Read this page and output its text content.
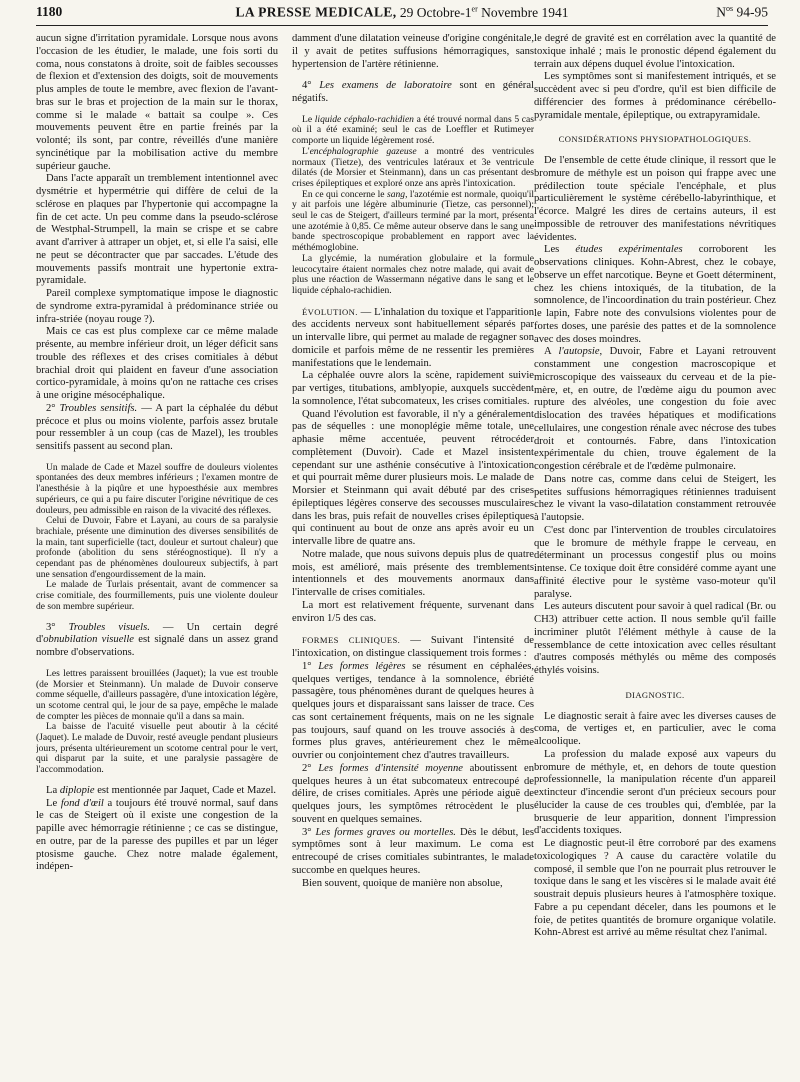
1180	LA PRESSE MEDICALE, 29 Octobre-1er Novembre 1941	$N^{os}$ 94-95

aucun signe d'irritation pyramidale. Lorsque nous avons l'occasion de les étudier, le malade, une fois sorti du coma, nous constatons à droite, soit de faibles secousses de flexion et d'extension des doigts, soit de mouvements plus amples de toute le membre, avec flexion de l'avant-bras sur le bras et projection de la main sur le thorax, comme si le malade « battait sa coulpe ». Ces mouvements peuvent être en partie freinés par la volonté; ils sont, par contre, réveillés d'une manière syncinétique par la mobilisation active du membre supérieur gauche.

Dans l'acte apparaît un tremblement intentionnel avec dysmétrie et hypermétrie qui diffère de celui de la sclérose en plaques par l'hypertonie qui accompagne la fin de cet acte. Un peu comme dans la pseudo-sclérose de Westphal-Strumpell, la main se crispe et se cabre avant d'arriver à attraper un objet, et, si elle l'a saisi, elle ne peut se décontracter que par saccades. L'étude des mouvements passifs montrait une hypertonie extra-pyramidale.

Pareil complexe symptomatique impose le diagnostic de syndrome extra-pyramidal à prédominance striée ou infra-striée (noyau rouge ?).

Mais ce cas est plus complexe car ce même malade présente, au membre inférieur droit, un léger déficit sans trouble des réflexes et des crises comitiales à début brachial droit qui plaident en faveur d'une association cortico-pyramidale, à moins qu'on ne rattache ces crises à une origine mésocéphalique.

2° Troubles sensitifs. — A part la céphalée du début précoce et plus ou moins violente, parfois assez brutale pour ressembler à un coup (cas de Mazel), les troubles sensitifs passent au second plan.

Un malade de Cade et Mazel souffre de douleurs violentes spontanées des deux membres inférieurs ; l'examen montre de l'anesthésie à la piqûre et une hypoesthésie aux membres supérieurs, ce qui a pu faire discuter l'origine névritique de ces douleurs, peu admissible en raison de la vivacité des réflexes.

Celui de Duvoir, Fabre et Layani, au cours de sa paralysie brachiale, présente une diminution des diverses sensibilités de la main, tant superficielle (tact, douleur et surtout chaleur) que profonde (abolition du sens stéréognostique). Il n'y a cependant pas de phénomènes douloureux subjectifs, à part une sensation d'engourdissement de la main.

Le malade de Turlais présentait, avant de commencer sa crise comitiale, des fourmillements, puis une violente douleur de son membre supérieur.

3° Troubles visuels. — Un certain degré d'obnubilation visuelle est signalé dans un assez grand nombre d'observations.

Les lettres paraissent brouillées (Jaquet); la vue est trouble (de Morsier et Steinmann). Un malade de Duvoir conserve comme séquelle, d'ailleurs passagère, d'une intoxication légère, un scotome central qui, le jour de sa paye, empêche le malade de compter les pièces de monnaie qu'il a dans sa main.

La baisse de l'acuité visuelle peut aboutir à la cécité (Jaquet). Le malade de Duvoir, resté aveugle pendant plusieurs jours, présenta ultérieurement un scotome central pour le vert, qui disparut par la suite, et une paralysie passagère de l'accommodation.

La diplopie est mentionnée par Jaquet, Cade et Mazel.

Le fond d'œil a toujours été trouvé normal, sauf dans le cas de Steigert où il existe une congestion de la papille avec hémorragie rétinienne ; ce cas se distingue, en outre, par de la paresse des pupilles et par un léger ptosisme gauche. Chez notre malade également, indépen-

damment d'une dilatation veineuse d'origine congénitale, il y avait de petites suffusions hémorragiques, sans hypertension de l'artère rétinienne.

4° Les examens de laboratoire sont en général négatifs.

Le liquide céphalo-rachidien a été trouvé normal dans 5 cas où il a été examiné; seul le cas de Loeffler et Rutimeyer comporte un liquide légèrement rosé.

L'encéphalographie gazeuse a montré des ventricules normaux (Tietze), des ventricules latéraux et 3e ventricule dilatés (de Morsier et Steinmann), dans un cas présentant des crises épileptiques et exploré onze ans après l'intoxication.

En ce qui concerne le sang, l'azotémie est normale, quoiqu'il y ait parfois une légère albuminurie (Tietze, cas personnel); seul le cas de Steigert, d'ailleurs terminé par la mort, présenta une azotémie à 0,85. Ce même auteur observe dans le sang une bande spectroscopique probablement en rapport avec la méthémoglobine.

La glycémie, la numération globulaire et la formule leucocytaire étaient normales chez notre malade, qui avait de plus une réaction de Wassermann négative dans le sang et le liquide céphalo-rachidien.

ÉVOLUTION. — L'inhalation du toxique et l'apparition des accidents nerveux sont habituellement séparés par un intervalle libre, qui permet au malade de regagner son domicile et parfois même de ne ressentir les premières manifestations que le lendemain.

La céphalée ouvre alors la scène, rapidement suivie par vertiges, titubations, amblyopie, auxquels succèdent la somnolence, l'état subcomateux, les crises comitiales.

Quand l'évolution est favorable, il n'y a généralement pas de séquelles : une monoplégie même totale, une aphasie même accentuée, peuvent rétrocéder complètement (Duvoir). Cade et Mazel insistent cependant sur une asthénie consécutive à l'intoxication et qui pourrait même durer plusieurs mois. Le malade de Morsier et Steinmann qui avait débuté par des crises épileptiques légères conserve des secousses musculaires dans les bras, puis refait de nouvelles crises épileptiques qui continuent au bout de onze ans après avoir eu un intervalle libre de quatre ans.

Notre malade, que nous suivons depuis plus de quatre mois, est amélioré, mais présente des tremblements intentionnels et des mouvements anormaux dans l'intervalle de crises comitiales.

La mort est relativement fréquente, survenant dans environ 1/5 des cas.

FORMES CLINIQUES. — Suivant l'intensité de l'intoxication, on distingue classiquement trois formes :

1° Les formes légères se résument en céphalées, quelques vertiges, tendance à la somnolence, ébriété passagère, tous phénomènes durant de quelques heures à quelques jours et disparaissant sans laisser de trace. Ces cas sont certainement fréquents, mais on ne les signale pas toujours, sauf quand on les trouve associés à des formes plus graves, antérieurement chez le même ouvrier ou conjointement chez d'autres travailleurs.

2° Les formes d'intensité moyenne aboutissent en quelques heures à un état subcomateux entrecoupé de délire, de crises comitiales. Après une période aiguë de quelques jours, les symptômes rétrocèdent le plus souvent en quelques semaines.

3° Les formes graves ou mortelles. Dès le début, les symptômes sont à leur maximum. Le coma est entrecoupé de crises comitiales subintrantes, le malade succombe en quelques heures.

Bien souvent, quoique de manière non absolue,

le degré de gravité est en corrélation avec la quantité de toxique inhalé ; mais le pronostic dépend également du terrain aux dépens duquel évolue l'intoxication.

Les symptômes sont si manifestement intriqués, et se succèdent avec si peu d'ordre, qu'il est bien difficile de différencier des formes à prédominance cérébello-pyramidale mentale, épileptique, ou extrapyramidale.

CONSIDÉRATIONS PHYSIOPATHOLOGIQUES.

De l'ensemble de cette étude clinique, il ressort que le bromure de méthyle est un poison qui frappe avec une prédilection toute spéciale l'encéphale, et plus particulièrement le système cérébello-labyrinthique, et l'écorce. Malgré les dires de certains auteurs, il est impossible de retrouver des manifestations névritiques évidentes.

Les études expérimentales corroborent les observations cliniques. Kohn-Abrest, chez le cobaye, observe un effet narcotique. Beyne et Goett déterminent, chez les chiens intoxiqués, de la titubation, de la somnolence, de l'incoordination du train postérieur. Chez le lapin, Fabre note des convulsions violentes pour de fortes doses, une parésie des pattes et de la somnolence avec des doses moindres.

A l'autopsie, Duvoir, Fabre et Layani retrouvent constamment une congestion macroscopique et microscopique des vaisseaux du cerveau et de la pie-mère, et, en outre, de l'œdème aigu du poumon avec rupture des alvéoles, une congestion du foie avec dislocation des travées hépatiques et modifications cellulaires, une congestion rénale avec nécrose des tubes droit et contournés. Fabre, dans l'intoxication expérimentale du chien, trouve également de la congestion cérébrale et de l'œdème pulmonaire.

Dans notre cas, comme dans celui de Steigert, les petites suffusions hémorragiques rétiniennes traduisent chez le vivant la vaso-dilatation constamment retrouvée à l'autopsie.

C'est donc par l'intervention de troubles circulatoires que le bromure de méthyle frappe le cerveau, en déterminant un processus congestif plus ou moins intense. Ce toxique doit être considéré comme ayant une affinité élective pour le système vaso-moteur qu'il paralyse.

Les auteurs discutent pour savoir à quel radical (Br. ou CH3) attribuer cette action. Il nous semble qu'il faille incriminer plutôt l'élément méthyle à cause de la ressemblance de cette intoxication avec celles résultant d'autres composés méthylés ou même des composés éthylés voisins.

DIAGNOSTIC.

Le diagnostic serait à faire avec les diverses causes de coma, de vertiges et, en particulier, avec le coma alcoolique.

La profession du malade exposé aux vapeurs du bromure de méthyle, et, en dehors de toute question professionnelle, la manipulation récente d'un appareil extincteur d'incendie seront d'un précieux secours pour élucider la cause de ces troubles qui, d'emblée, par la brusquerie de leur apparition, donnent l'impression d'accidents toxiques.

Le diagnostic peut-il être corroboré par des examens toxicologiques ? A cause du caractère volatile du composé, il semble que l'on ne pourrait plus retrouver le toxique dans le sang et les viscères si le malade avait été soustrait depuis plusieurs heures à l'atmosphère toxique. Fabre a pu cependant déceler, dans les poumons et le foie, de petites quantités de bromure organique volatile. Kohn-Abrest est arrivé au même résultat chez l'animal.
